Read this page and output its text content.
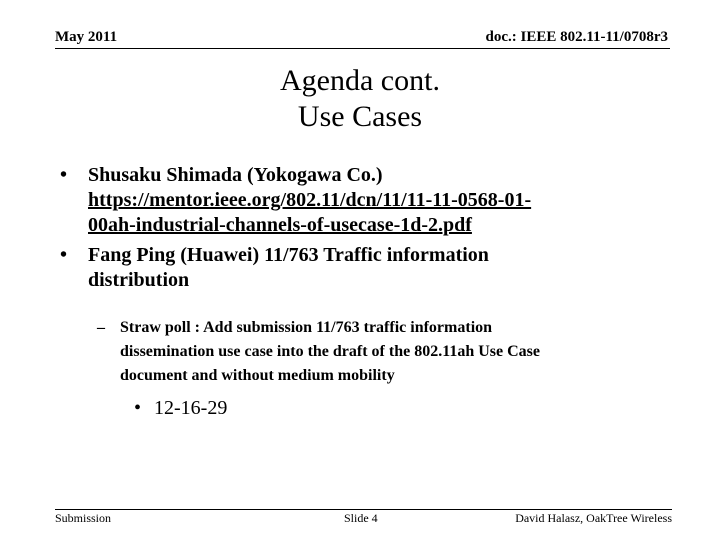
May 2011	doc.: IEEE 802.11-11/0708r3
Agenda cont.
Use Cases
• Shusaku Shimada (Yokogawa Co.)
https://mentor.ieee.org/802.11/dcn/11/11-11-0568-01-
00ah-industrial-channels-of-usecase-1d-2.pdf
• Fang Ping (Huawei) 11/763 Traffic information
distribution
– Straw poll : Add submission 11/763 traffic information
dissemination use case into the draft of the 802.11ah Use Case
document and without medium mobility
• 12-16-29
Submission	Slide 4	David Halasz, OakTree Wireless
